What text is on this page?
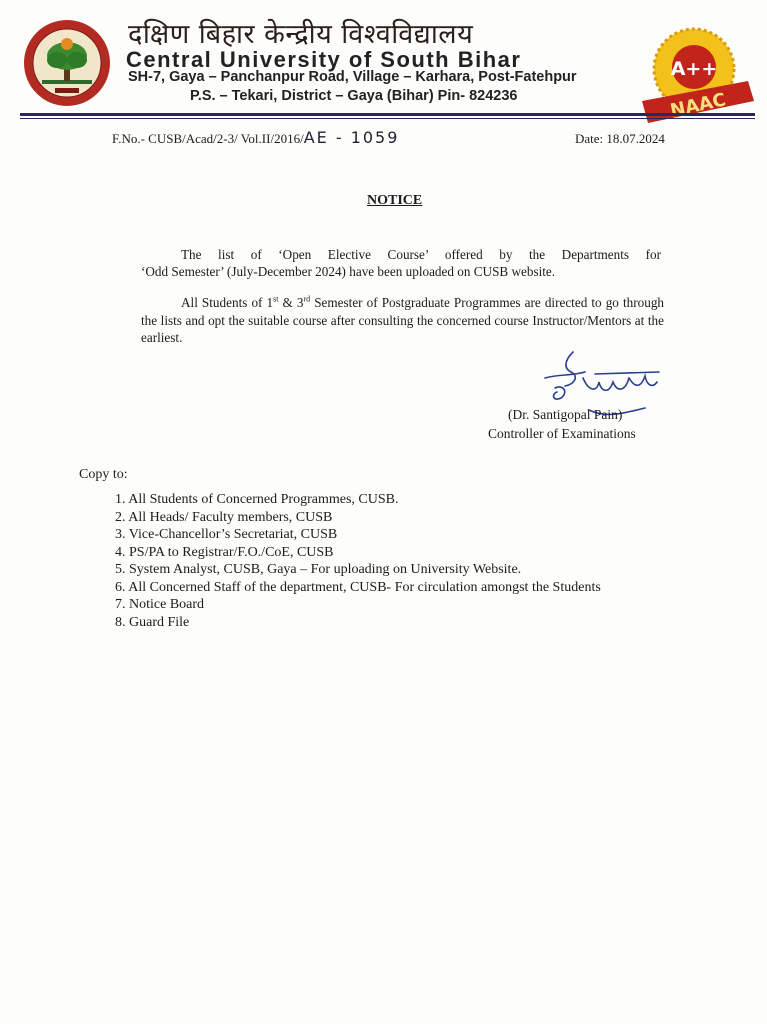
दक्षिण बिहार केन्द्रीय विश्वविद्यालय
Central University of South Bihar
SH-7, Gaya – Panchanpur Road, Village – Karhara, Post-Fatehpur
P.S. – Tekari, District – Gaya (Bihar) Pin- 824236
A++
NAAC
F.No.- CUSB/Acad/2-3/ Vol.II/2016/AE - 1059	Date: 18.07.2024
NOTICE
The list of ‘Open Elective Course’ offered by the Departments for
‘Odd Semester’ (July-December 2024) have been uploaded on CUSB website.
All Students of 1st & 3rd Semester of Postgraduate Programmes are directed to go through the lists and opt the suitable course after consulting the concerned course Instructor/Mentors at the earliest.
(Dr. Santigopal Pain)
Controller of Examinations
Copy to:
1. All Students of Concerned Programmes, CUSB.
2. All Heads/ Faculty members, CUSB
3. Vice-Chancellor’s Secretariat, CUSB
4. PS/PA to Registrar/F.O./CoE, CUSB
5. System Analyst, CUSB, Gaya – For uploading on University Website.
6. All Concerned Staff of the department, CUSB- For circulation amongst the Students
7. Notice Board
8. Guard File
